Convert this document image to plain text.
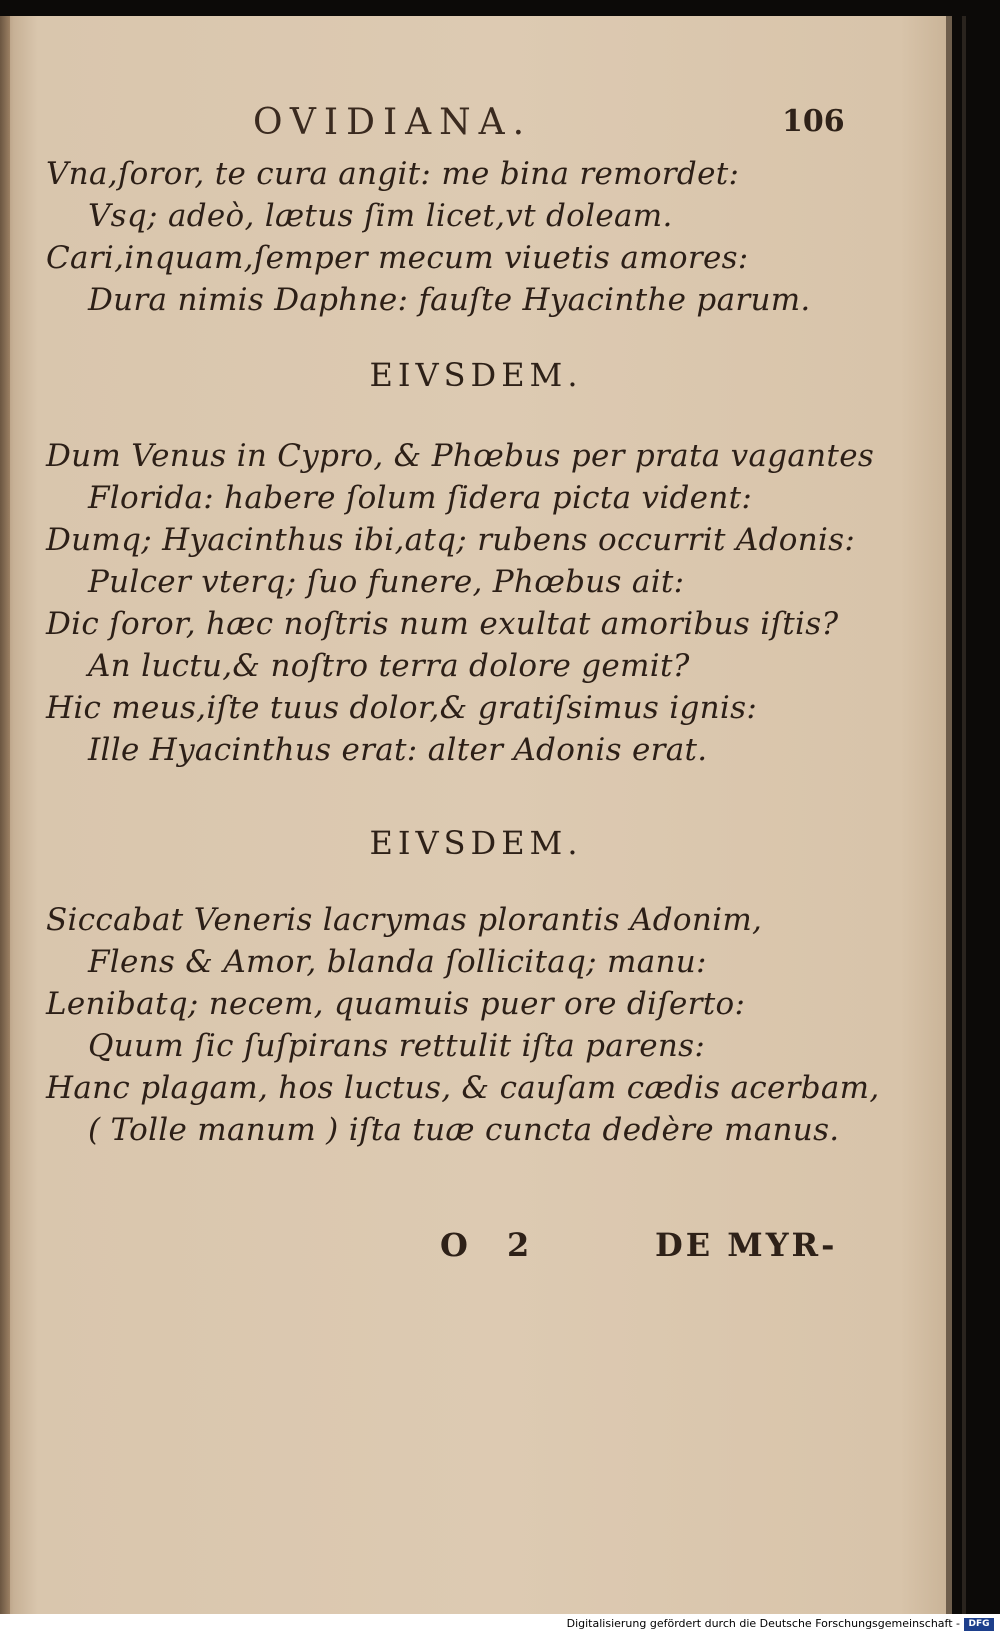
OVIDIANA.	106
Vna,ſoror, te cura angit: me bina remordet:
Vsq; adeò, lætus ſim licet,vt doleam.
Cari,inquam,ſemper mecum viuetis amores:
Dura nimis Daphne: fauſte Hyacinthe parum.
EIVSDEM.
Dum Venus in Cypro, & Phœbus per prata vagantes
Florida: habere ſolum ſidera picta vident:
Dumq; Hyacinthus ibi,atq; rubens occurrit Adonis:
Pulcer vterq; ſuo funere, Phœbus ait:
Dic ſoror, hæc noſtris num exultat amoribus iſtis?
An luctu,& noſtro terra dolore gemit?
Hic meus,iſte tuus dolor,& gratiſsimus ignis:
Ille Hyacinthus erat: alter Adonis erat.
EIVSDEM.
Siccabat Veneris lacrymas plorantis Adonim,
Flens & Amor, blanda ſollicitaq; manu:
Lenibatq; necem, quamuis puer ore diſerto:
Quum ſic ſuſpirans rettulit iſta parens:
Hanc plagam, hos luctus, & cauſam cædis acerbam,
( Tolle manum ) iſta tuæ cuncta dedère manus.
O 2	DE MYR-
Digitalisierung gefördert durch die Deutsche Forschungsgemeinschaft - DFG
